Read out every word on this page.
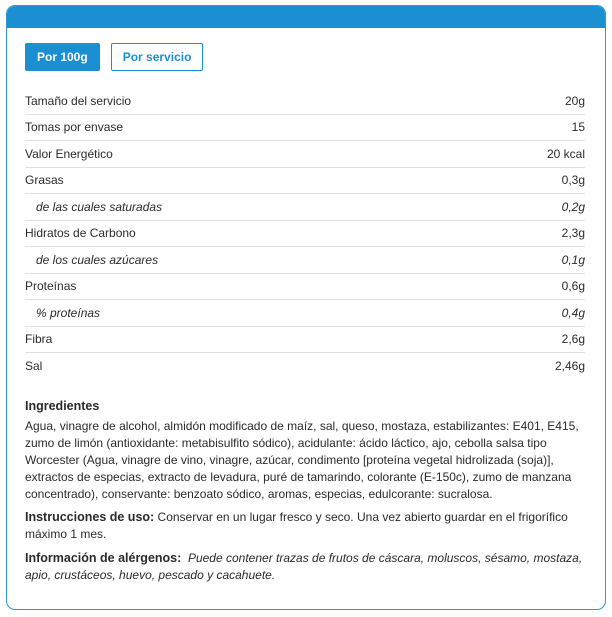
Por 100g	Por servicio
Tamaño del servicio	20g
Tomas por envase	15
Valor Energético	20 kcal
Grasas	0,3g
de las cuales saturadas	0,2g
Hidratos de Carbono	2,3g
de los cuales azúcares	0,1g
Proteínas	0,6g
% proteínas	0,4g
Fibra	2,6g
Sal	2,46g
Ingredientes
Agua, vinagre de alcohol, almidón modificado de maíz, sal, queso, mostaza, estabilizantes: E401, E415, zumo de limón (antioxidante: metabisulfito sódico), acidulante: ácido láctico, ajo, cebolla salsa tipo Worcester (Agua, vinagre de vino, vinagre, azúcar, condimento [proteína vegetal hidrolizada (soja)], extractos de especias, extracto de levadura, puré de tamarindo, colorante (E-150c), zumo de manzana concentrado), conservante: benzoato sódico, aromas, especias, edulcorante: sucralosa.
Instrucciones de uso: Conservar en un lugar fresco y seco. Una vez abierto guardar en el frigorífico máximo 1 mes.
Información de alérgenos: Puede contener trazas de frutos de cáscara, moluscos, sésamo, mostaza, apio, crustáceos, huevo, pescado y cacahuete.
